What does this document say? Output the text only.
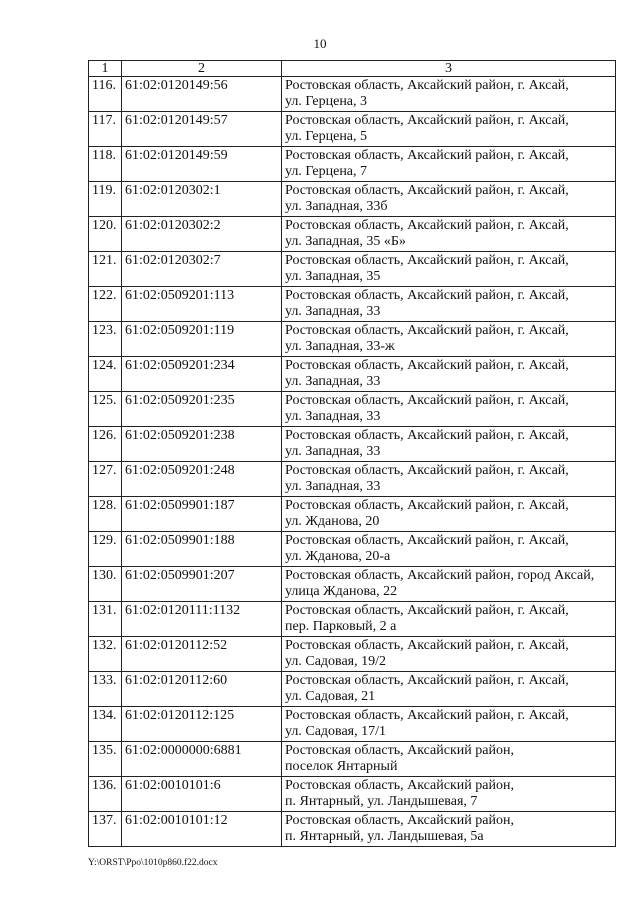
10
1	2	3
116.	61:02:0120149:56	Ростовская область, Аксайский район, г. Аксай,
ул. Герцена, 3

117.	61:02:0120149:57	Ростовская область, Аксайский район, г. Аксай,
ул. Герцена, 5

118.	61:02:0120149:59	Ростовская область, Аксайский район, г. Аксай,
ул. Герцена, 7

119.	61:02:0120302:1	Ростовская область, Аксайский район, г. Аксай,
ул. Западная, 33б

120.	61:02:0120302:2	Ростовская область, Аксайский район, г. Аксай,
ул. Западная, 35 «Б»

121.	61:02:0120302:7	Ростовская область, Аксайский район, г. Аксай,
ул. Западная, 35

122.	61:02:0509201:113	Ростовская область, Аксайский район, г. Аксай,
ул. Западная, 33

123.	61:02:0509201:119	Ростовская область, Аксайский район, г. Аксай,
ул. Западная, 33-ж

124.	61:02:0509201:234	Ростовская область, Аксайский район, г. Аксай,
ул. Западная, 33

125.	61:02:0509201:235	Ростовская область, Аксайский район, г. Аксай,
ул. Западная, 33

126.	61:02:0509201:238	Ростовская область, Аксайский район, г. Аксай,
ул. Западная, 33

127.	61:02:0509201:248	Ростовская область, Аксайский район, г. Аксай,
ул. Западная, 33

128.	61:02:0509901:187	Ростовская область, Аксайский район, г. Аксай,
ул. Жданова, 20

129.	61:02:0509901:188	Ростовская область, Аксайский район, г. Аксай,
ул. Жданова, 20-а

130.	61:02:0509901:207	Ростовская область, Аксайский район, город Аксай,
улица Жданова, 22

131.	61:02:0120111:1132	Ростовская область, Аксайский район, г. Аксай,
пер. Парковый, 2 а

132.	61:02:0120112:52	Ростовская область, Аксайский район, г. Аксай,
ул. Садовая, 19/2

133.	61:02:0120112:60	Ростовская область, Аксайский район, г. Аксай,
ул. Садовая, 21

134.	61:02:0120112:125	Ростовская область, Аксайский район, г. Аксай,
ул. Садовая, 17/1

135.	61:02:0000000:6881	Ростовская область, Аксайский район,
поселок Янтарный

136.	61:02:0010101:6	Ростовская область, Аксайский район,
п. Янтарный, ул. Ландышевая, 7

137.	61:02:0010101:12	Ростовская область, Аксайский район,
п. Янтарный, ул. Ландышевая, 5а
Y:\ORST\Ppo\1010p860.f22.docx
